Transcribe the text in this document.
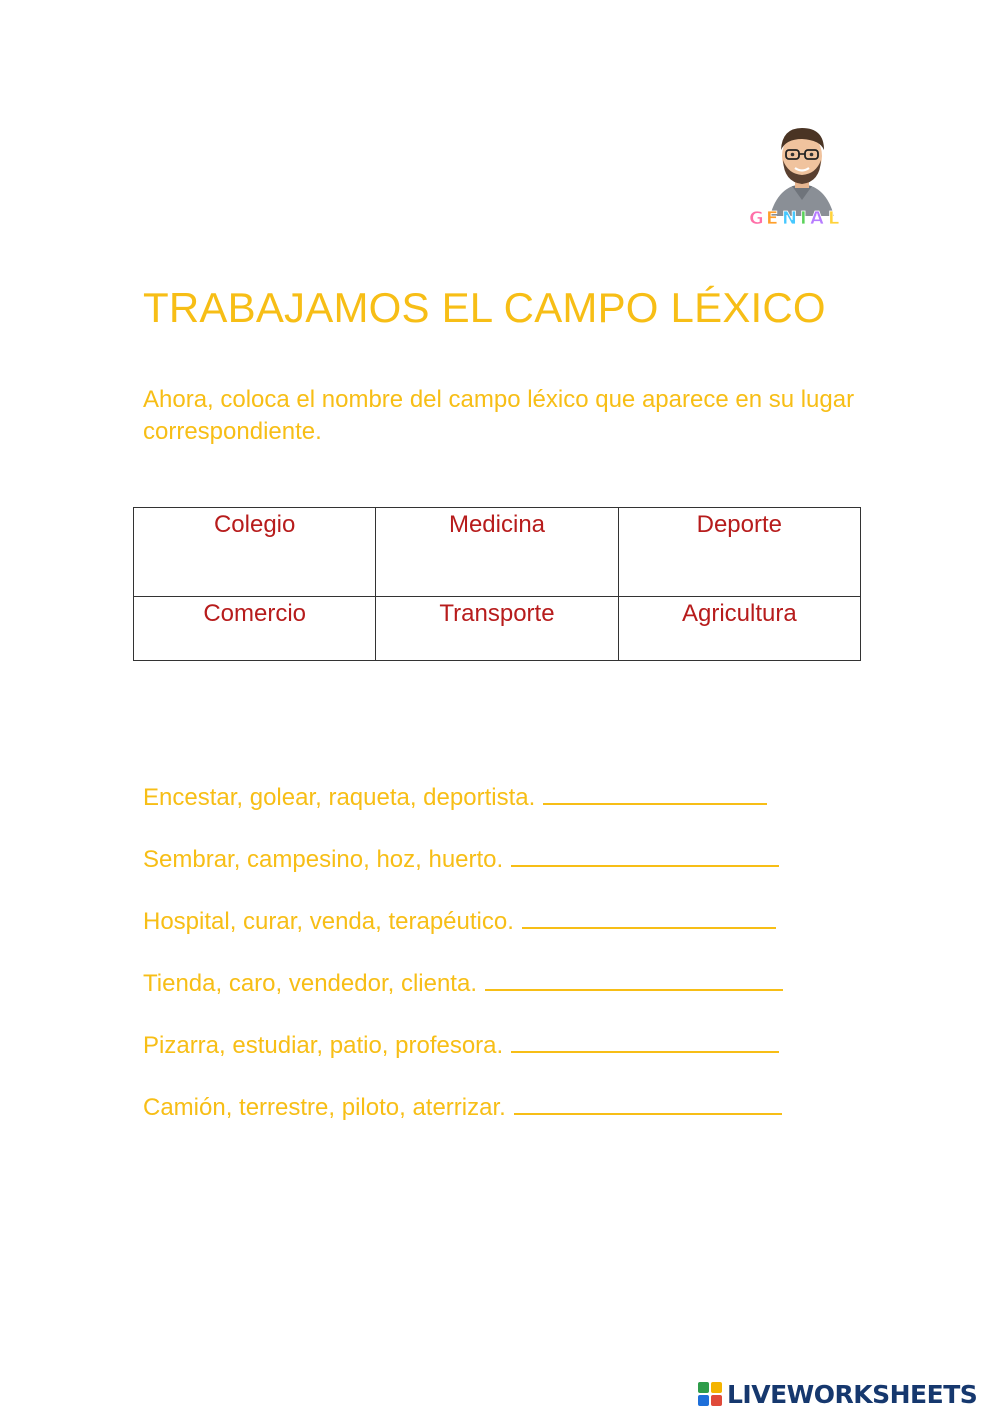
G E N I A L
TRABAJAMOS EL CAMPO LÉXICO

Ahora, coloca el nombre del campo léxico que aparece en su lugar correspondiente.

Colegio	Medicina	Deporte
Comercio	Transporte	Agricultura
Encestar, golear, raqueta, deportista.
Sembrar, campesino, hoz, huerto.
Hospital, curar, venda, terapéutico.
Tienda, caro, vendedor, clienta.
Pizarra, estudiar, patio, profesora.
Camión, terrestre, piloto, aterrizar.
LIVEWORKSHEETS
